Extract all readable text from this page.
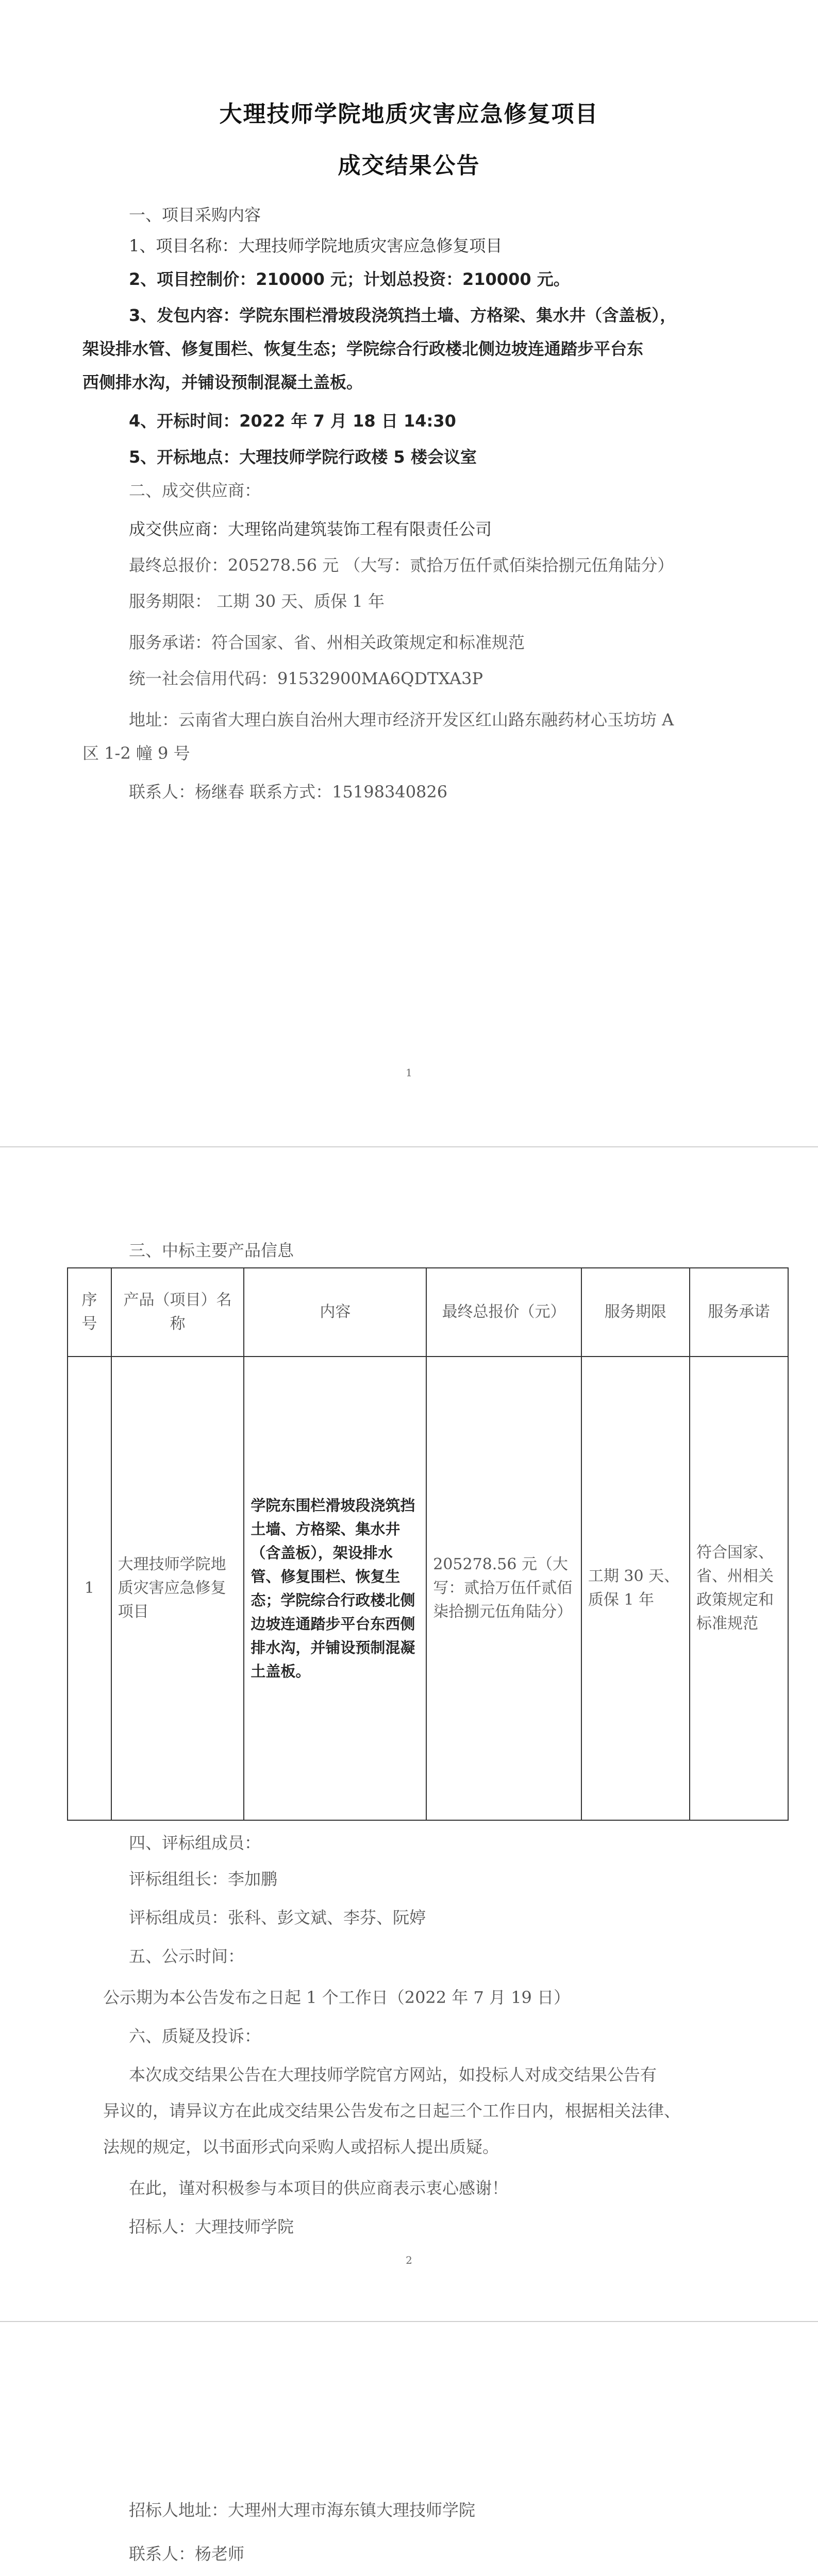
大理技师学院地质灾害应急修复项目
成交结果公告
一、项目采购内容
1、项目名称：大理技师学院地质灾害应急修复项目
2、项目控制价：210000 元；计划总投资：210000 元。
3、发包内容：学院东围栏滑坡段浇筑挡土墙、方格梁、集水井（含盖板），
架设排水管、修复围栏、恢复生态；学院综合行政楼北侧边坡连通踏步平台东
西侧排水沟，并铺设预制混凝土盖板。
4、开标时间：2022 年 7 月 18 日 14:30
5、开标地点：大理技师学院行政楼 5 楼会议室
二、成交供应商：
成交供应商：大理铭尚建筑装饰工程有限责任公司
最终总报价：205278.56 元 （大写：贰拾万伍仟贰佰柒拾捌元伍角陆分）
服务期限： 工期 30 天、质保 1 年
服务承诺：符合国家、省、州相关政策规定和标准规范
统一社会信用代码：91532900MA6QDTXA3P
地址：云南省大理白族自治州大理市经济开发区红山路东融药材心玉坊坊 A
区 1-2 幢 9 号
联系人：杨继春 联系方式：15198340826
1
三、中标主要产品信息
序号	产品（项目）名称	内容	最终总报价（元）	服务期限	服务承诺
1	大理技师学院地质灾害应急修复项目	学院东围栏滑坡段浇筑挡土墙、方格梁、集水井（含盖板），架设排水管、修复围栏、恢复生态；学院综合行政楼北侧边坡连通踏步平台东西侧排水沟，并铺设预制混凝土盖板。	205278.56 元（大写：贰拾万伍仟贰佰柒拾捌元伍角陆分）	工期 30 天、质保 1 年	符合国家、省、州相关政策规定和标准规范
四、评标组成员：
评标组组长：李加鹏
评标组成员：张科、彭文斌、李芬、阮婷
五、公示时间：
公示期为本公告发布之日起 1 个工作日（2022 年 7 月 19 日）
六、质疑及投诉：
本次成交结果公告在大理技师学院官方网站，如投标人对成交结果公告有
异议的，请异议方在此成交结果公告发布之日起三个工作日内，根据相关法律、
法规的规定，以书面形式向采购人或招标人提出质疑。
在此，谨对积极参与本项目的供应商表示衷心感谢！
招标人：大理技师学院
2
招标人地址：大理州大理市海东镇大理技师学院
联系人：杨老师
